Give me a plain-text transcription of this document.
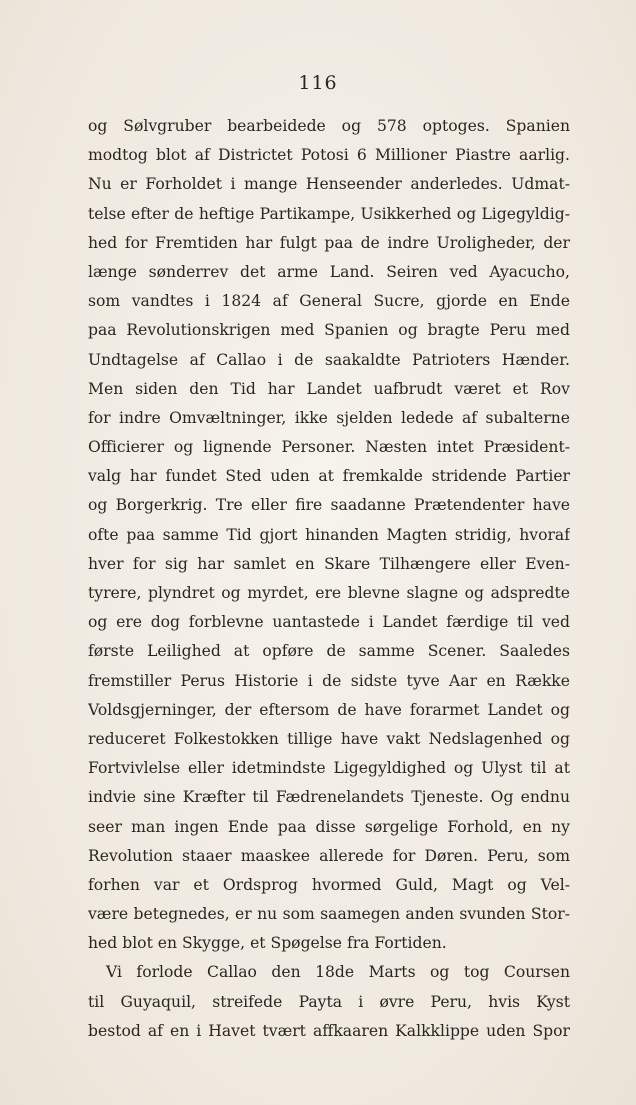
116
og Sølvgruber bearbeidede og 578 optoges. Spanien
modtog blot af Districtet Potosi 6 Millioner Piastre aarlig.
Nu er Forholdet i mange Henseender anderledes. Udmat-
telse efter de heftige Partikampe, Usikkerhed og Ligegyldig-
hed for Fremtiden har fulgt paa de indre Uroligheder, der
længe sønderrev det arme Land. Seiren ved Ayacucho,
som vandtes i 1824 af General Sucre, gjorde en Ende
paa Revolutionskrigen med Spanien og bragte Peru med
Undtagelse af Callao i de saakaldte Patrioters Hænder.
Men siden den Tid har Landet uafbrudt været et Rov
for indre Omvæltninger, ikke sjelden ledede af subalterne
Officierer og lignende Personer. Næsten intet Præsident-
valg har fundet Sted uden at fremkalde stridende Partier
og Borgerkrig. Tre eller fire saadanne Prætendenter have
ofte paa samme Tid gjort hinanden Magten stridig, hvoraf
hver for sig har samlet en Skare Tilhængere eller Even-
tyrere, plyndret og myrdet, ere blevne slagne og adspredte
og ere dog forblevne uantastede i Landet færdige til ved
første Leilighed at opføre de samme Scener. Saaledes
fremstiller Perus Historie i de sidste tyve Aar en Række
Voldsgjerninger, der eftersom de have forarmet Landet og
reduceret Folkestokken tillige have vakt Nedslagenhed og
Fortvivlelse eller idetmindste Ligegyldighed og Ulyst til at
indvie sine Kræfter til Fædrenelandets Tjeneste. Og endnu
seer man ingen Ende paa disse sørgelige Forhold, en ny
Revolution staaer maaskee allerede for Døren. Peru, som
forhen var et Ordsprog hvormed Guld, Magt og Vel-
være betegnedes, er nu som saamegen anden svunden Stor-
hed blot en Skygge, et Spøgelse fra Fortiden.
Vi forlode Callao den 18de Marts og tog Coursen
til Guyaquil, streifede Payta i øvre Peru, hvis Kyst
bestod af en i Havet tvært affkaaren Kalkklippe uden Spor
